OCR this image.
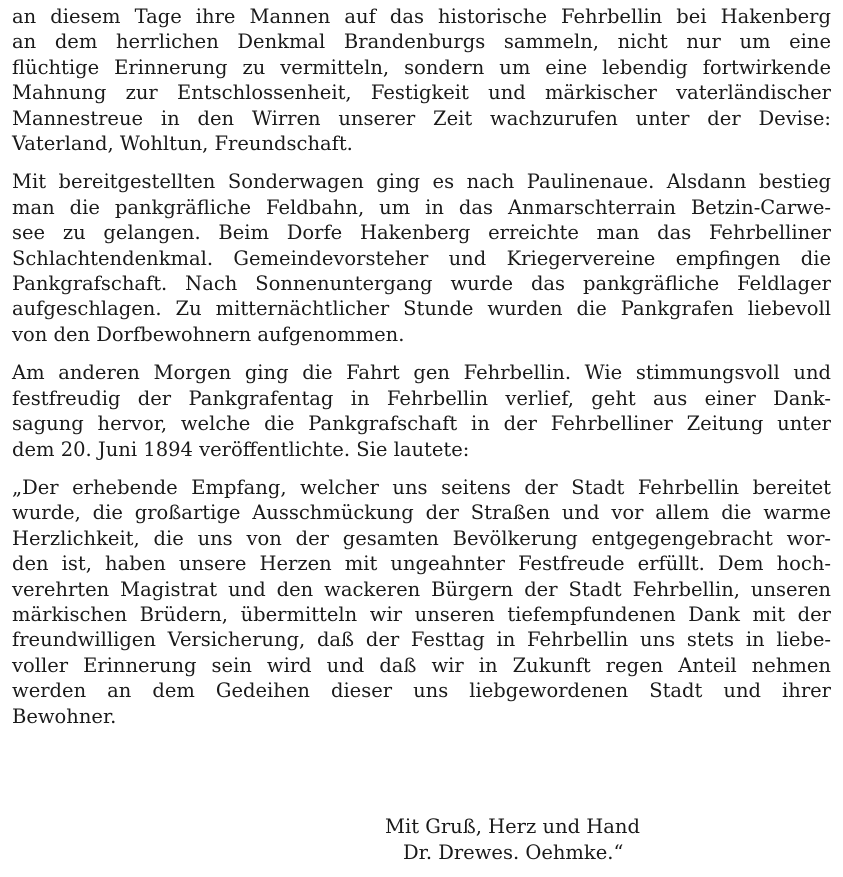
an diesem Tage ihre Mannen auf das historische Fehrbellin bei Hakenberg
an dem herrlichen Denkmal Brandenburgs sammeln, nicht nur um eine
flüchtige Erinnerung zu vermitteln, sondern um eine lebendig fortwirkende
Mahnung zur Entschlossenheit, Festigkeit und märkischer vaterländischer
Mannestreue in den Wirren unserer Zeit wachzurufen unter der Devise:
Vaterland, Wohltun, Freundschaft.

Mit bereitgestellten Sonderwagen ging es nach Paulinenaue. Alsdann bestieg
man die pankgräfliche Feldbahn, um in das Anmarschterrain Betzin-Carwe-
see zu gelangen. Beim Dorfe Hakenberg erreichte man das Fehrbelliner
Schlachtendenkmal. Gemeindevorsteher und Kriegervereine empfingen die
Pankgrafschaft. Nach Sonnenuntergang wurde das pankgräfliche Feldlager
aufgeschlagen. Zu mitternächtlicher Stunde wurden die Pankgrafen liebevoll
von den Dorfbewohnern aufgenommen.

Am anderen Morgen ging die Fahrt gen Fehrbellin. Wie stimmungsvoll und
festfreudig der Pankgrafentag in Fehrbellin verlief, geht aus einer Dank-
sagung hervor, welche die Pankgrafschaft in der Fehrbelliner Zeitung unter
dem 20. Juni 1894 veröffentlichte. Sie lautete:

„Der erhebende Empfang, welcher uns seitens der Stadt Fehrbellin bereitet
wurde, die großartige Ausschmückung der Straßen und vor allem die warme
Herzlichkeit, die uns von der gesamten Bevölkerung entgegengebracht wor-
den ist, haben unsere Herzen mit ungeahnter Festfreude erfüllt. Dem hoch-
verehrten Magistrat und den wackeren Bürgern der Stadt Fehrbellin, unseren
märkischen Brüdern, übermitteln wir unseren tiefempfundenen Dank mit der
freundwilligen Versicherung, daß der Festtag in Fehrbellin uns stets in liebe-
voller Erinnerung sein wird und daß wir in Zukunft regen Anteil nehmen
werden an dem Gedeihen dieser uns liebgewordenen Stadt und ihrer
Bewohner.

Mit Gruß, Herz und Hand
Dr. Drewes. Oehmke.“
